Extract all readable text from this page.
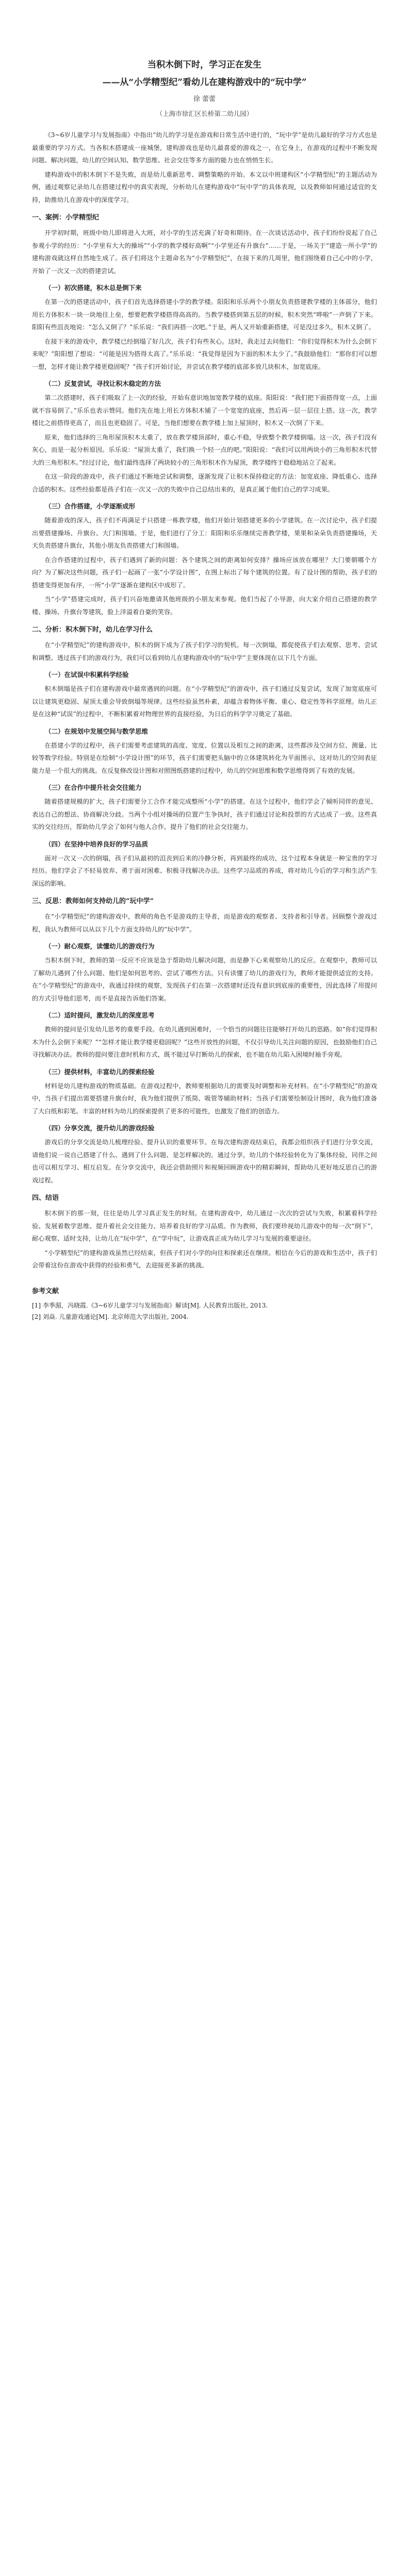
当积木倒下时，学习正在发生
——从“小学精型纪”看幼儿在建构游戏中的“玩中学”
徐 蕾蕾
（上海市徐汇区长桥第二幼儿园）

《3~6岁儿童学习与发展指南》中指出“幼儿的学习是在游戏和日常生活中进行的，“玩中学”是幼儿最好的学习方式也是最重要的学习方式。当各积木搭建成一座城堡，建构游戏也是幼儿最喜爱的游戏之一，在它身上，在游戏的过程中不断发现问题、解决问题，幼儿的空间认知、数学思维、社会交往等多方面的能力也在悄悄生长。

建构游戏中的积木倒下不是失败，而是幼儿重新思考、调整策略的开始。本文以中班建构区“小学精型纪”的主题活动为例，通过观察记录幼儿在搭建过程中的真实表现，分析幼儿在建构游戏中“玩中学”的具体表现，以及教师如何通过适宜的支持，助推幼儿在游戏中的深度学习。

一、案例：小学精型纪

开学初时期，班级中幼儿即将进入大班，对小学的生活充满了好奇和期待。在一次谈话活动中，孩子们纷纷说起了自己参观小学的经历：“小学里有大大的操场”“小学的教学楼好高啊”“小学里还有升旗台”……于是，一场关于“建造一所小学”的建构游戏就这样自然地生成了。孩子们将这个主题命名为“小学精型纪”，在接下来的几周里，他们围绕着自己心中的小学，开始了一次又一次的搭建尝试。

（一）初次搭建，积木总是倒下来

在第一次的搭建活动中，孩子们首先选择搭建小学的教学楼。阳阳和乐乐两个小朋友负责搭建教学楼的主体部分，他们用长方体积木一块一块地往上垒，想要把教学楼搭得高高的。当教学楼搭到第五层的时候，积木突然“哗啦”一声倒了下来。阳阳有些沮丧地说：“怎么又倒了？”乐乐说：“我们再搭一次吧。”于是，两人又开始重新搭建，可是没过多久，积木又倒了。

在接下来的游戏中，教学楼已经倒塌了好几次，孩子们有些灰心。这时，我走过去问他们：“你们觉得积木为什么会倒下来呢？”阳阳想了想说：“可能是因为搭得太高了。”乐乐说：“我觉得是因为下面的积木太少了。”我鼓励他们：“那你们可以想一想，怎样才能让教学楼更稳固呢？”孩子们开始讨论，并尝试在教学楼的底部多放几块积木，加宽底座。

（二）反复尝试，寻找让积木稳定的方法

第二次搭建时，孩子们吸取了上一次的经验，开始有意识地加宽教学楼的底座。阳阳说：“我们把下面搭得宽一点，上面就不容易倒了。”乐乐也表示赞同。他们先在地上用长方体积木铺了一个宽宽的底座，然后再一层一层往上搭。这一次，教学楼比之前搭得更高了，而且也更稳固了。可是，当他们想要在教学楼上加上屋顶时，积木又一次倒了下来。

原来，他们选择的三角形屋顶积木太重了，放在教学楼顶部时，重心不稳，导致整个教学楼倒塌。这一次，孩子们没有灰心，而是一起分析原因。乐乐说：“屋顶太重了，我们换一个轻一点的吧。”阳阳说：“我们可以用两块小的三角形积木代替大的三角形积木。”经过讨论，他们最终选择了两块较小的三角形积木作为屋顶，教学楼终于稳稳地站立了起来。

在这一阶段的游戏中，孩子们通过不断地尝试和调整，逐渐发现了让积木保持稳定的方法：加宽底座、降低重心、选择合适的积木。这些经验都是孩子们在一次又一次的失败中自己总结出来的，是真正属于他们自己的学习成果。

（三）合作搭建，小学逐渐成形

随着游戏的深入，孩子们不再满足于只搭建一栋教学楼，他们开始计划搭建更多的小学建筑。在一次讨论中，孩子们提出要搭建操场、升旗台、大门和围墙。于是，他们进行了分工：阳阳和乐乐继续完善教学楼，果果和朵朵负责搭建操场，天天负责搭建升旗台，其他小朋友负责搭建大门和围墙。

在合作搭建的过程中，孩子们遇到了新的问题：各个建筑之间的距离如何安排？操场应该放在哪里？大门要朝哪个方向？为了解决这些问题，孩子们一起画了一张“小学设计图”，在图上标出了每个建筑的位置。有了设计图的帮助，孩子们的搭建变得更加有序，一所“小学”逐渐在建构区中成形了。

当“小学”搭建完成时，孩子们兴奋地邀请其他班级的小朋友来参观。他们当起了小导游，向大家介绍自己搭建的教学楼、操场、升旗台等建筑，脸上洋溢着自豪的笑容。

二、分析：积木倒下时，幼儿在学习什么

在“小学精型纪”的建构游戏中，积木的倒下成为了孩子们学习的契机。每一次倒塌，都促使孩子们去观察、思考、尝试和调整。透过孩子们的游戏行为，我们可以看到幼儿在建构游戏中的“玩中学”主要体现在以下几个方面。

（一）在试误中积累科学经验

积木倒塌是孩子们在建构游戏中最常遇到的问题。在“小学精型纪”的游戏中，孩子们通过反复尝试，发现了加宽底座可以让建筑更稳固、屋顶太重会导致倒塌等规律。这些经验虽然朴素，却蕴含着物体平衡、重心、稳定性等科学原理。幼儿正是在这种“试误”的过程中，不断积累着对物理世界的直接经验，为日后的科学学习奠定了基础。

（二）在规划中发展空间与数学思维

在搭建小学的过程中，孩子们需要考虑建筑的高度、宽度、位置以及相互之间的距离，这些都涉及空间方位、测量、比较等数学经验。特别是在绘制“小学设计图”的环节，孩子们需要把头脑中的立体建筑转化为平面图示，这对幼儿的空间表征能力是一个很大的挑战。在反复修改设计图和对照图纸搭建的过程中，幼儿的空间思维和数学思维得到了有效的发展。

（三）在合作中提升社会交往能力

随着搭建规模的扩大，孩子们需要分工合作才能完成整所“小学”的搭建。在这个过程中，他们学会了倾听同伴的意见、表达自己的想法、协商解决分歧。当两个小组对操场的位置产生争执时，孩子们通过讨论和投票的方式达成了一致。这些真实的交往经历，帮助幼儿学会了如何与他人合作，提升了他们的社会交往能力。

（四）在坚持中培养良好的学习品质

面对一次又一次的倒塌，孩子们从最初的沮丧到后来的冷静分析，再到最终的成功，这个过程本身就是一种宝贵的学习经历。他们学会了不轻易放弃、勇于面对困难、积极寻找解决办法。这些学习品质的养成，将对幼儿今后的学习和生活产生深远的影响。

三、反思：教师如何支持幼儿的“玩中学”

在“小学精型纪”的建构游戏中，教师的角色不是游戏的主导者，而是游戏的观察者、支持者和引导者。回顾整个游戏过程，我认为教师可以从以下几个方面支持幼儿的“玩中学”。

（一）耐心观察，读懂幼儿的游戏行为

当积木倒下时，教师的第一反应不应该是急于帮助幼儿解决问题，而是静下心来观察幼儿的反应。在观察中，教师可以了解幼儿遇到了什么问题、他们是如何思考的、尝试了哪些方法。只有读懂了幼儿的游戏行为，教师才能提供适宜的支持。在“小学精型纪”的游戏中，我通过持续的观察，发现孩子们在第一次搭建时还没有意识到底座的重要性，因此选择了用提问的方式引导他们思考，而不是直接告诉他们答案。

（二）适时提问，激发幼儿的深度思考

教师的提问是引发幼儿思考的重要手段。在幼儿遇到困难时，一个恰当的问题往往能够打开幼儿的思路。如“你们觉得积木为什么会倒下来呢？”“怎样才能让教学楼更稳固呢？”这些开放性的问题，不仅引导幼儿关注问题的原因，也鼓励他们自己寻找解决办法。教师的提问要注意时机和方式，既不能过早打断幼儿的探索，也不能在幼儿陷入困境时袖手旁观。

（三）提供材料，丰富幼儿的探索经验

材料是幼儿建构游戏的物质基础。在游戏过程中，教师要根据幼儿的需要及时调整和补充材料。在“小学精型纪”的游戏中，当孩子们提出需要搭建升旗台时，我为他们提供了纸筒、吸管等辅助材料；当孩子们需要绘制设计图时，我为他们准备了大白纸和彩笔。丰富的材料为幼儿的探索提供了更多的可能性，也激发了他们的创造力。

（四）分享交流，提升幼儿的游戏经验

游戏后的分享交流是幼儿梳理经验、提升认识的重要环节。在每次建构游戏结束后，我都会组织孩子们进行分享交流，请他们说一说自己搭建了什么、遇到了什么问题、是怎样解决的。通过分享，幼儿的个体经验转化为了集体经验，同伴之间也可以相互学习、相互启发。在分享交流中，我还会借助照片和视频回顾游戏中的精彩瞬间，帮助幼儿更好地反思自己的游戏过程。

四、结语

积木倒下的那一刻，往往是幼儿学习真正发生的时刻。在建构游戏中，幼儿通过一次次的尝试与失败，积累着科学经验、发展着数学思维、提升着社会交往能力、培养着良好的学习品质。作为教师，我们要珍视幼儿游戏中的每一次“倒下”，耐心观察、适时支持，让幼儿在“玩中学”，在“学中玩”，让游戏真正成为幼儿学习与发展的重要途径。

“小学精型纪”的建构游戏虽然已经结束，但孩子们对小学的向往和探索还在继续。相信在今后的游戏和生活中，孩子们会带着这份在游戏中获得的经验和勇气，去迎接更多新的挑战。

参考文献

[1] 李季湄，冯晓霞.《3~6岁儿童学习与发展指南》解读[M]. 人民教育出版社, 2013.

[2] 刘焱. 儿童游戏通论[M]. 北京师范大学出版社, 2004.
